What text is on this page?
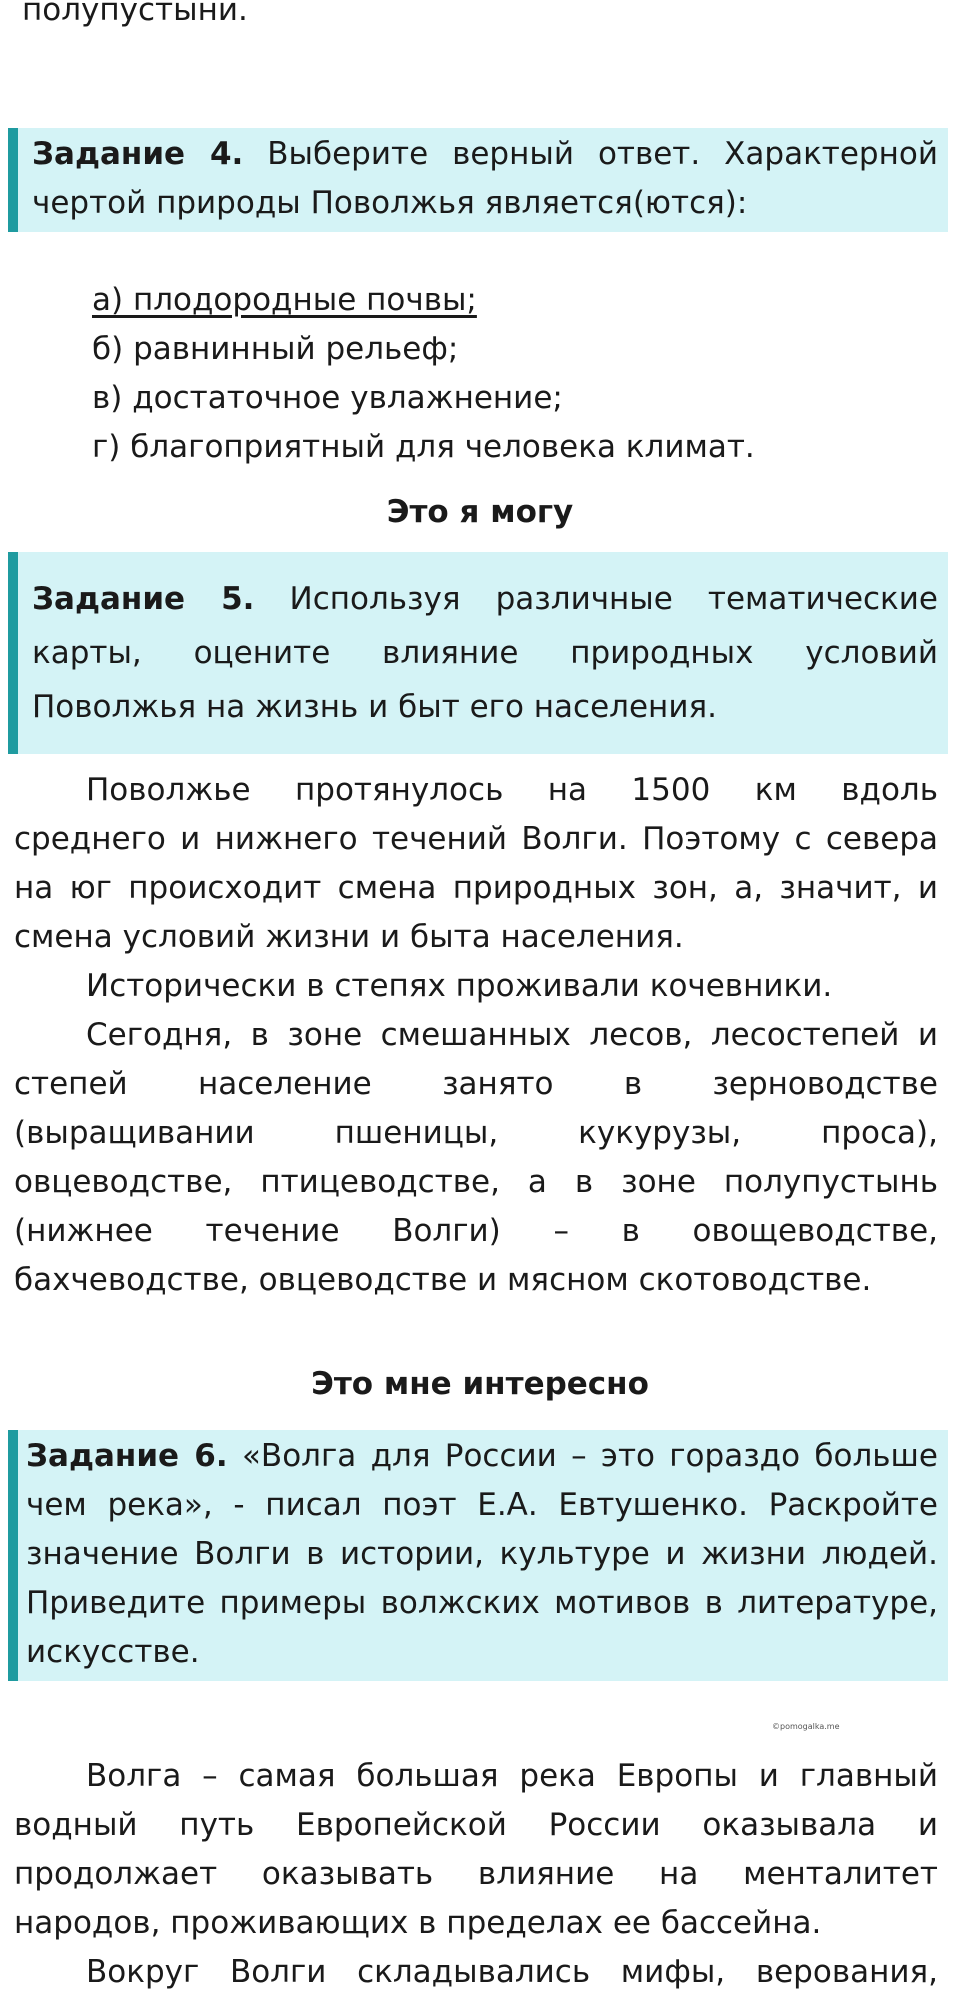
полупустыни.

Задание 4. Выберите верный ответ. Характерной
чертой природы Поволжья является(ются):
а) плодородные почвы;
б) равнинный рельеф;
в) достаточное увлажнение;
г) благоприятный для человека климат.

Это я могу

Задание 5. Используя различные тематические
карты, оцените влияние природных условий
Поволжья на жизнь и быт его населения.
Поволжье протянулось на 1500 км вдоль
среднего и нижнего течений Волги. Поэтому с севера
на юг происходит смена природных зон, а, значит, и
смена условий жизни и быта населения.
Исторически в степях проживали кочевники.
Сегодня, в зоне смешанных лесов, лесостепей и
степей население занято в зерноводстве
(выращивании пшеницы, кукурузы, проса),
овцеводстве, птицеводстве, а в зоне полупустынь
(нижнее течение Волги) – в овощеводстве,
бахчеводстве, овцеводстве и мясном скотоводстве.

Это мне интересно

Задание 6. «Волга для России – это гораздо больше
чем река», - писал поэт Е.А. Евтушенко. Раскройте
значение Волги в истории, культуре и жизни людей.
Приведите примеры волжских мотивов в литературе,
искусстве.
©pomogalka.me
Волга – самая большая река Европы и главный
водный путь Европейской России оказывала и
продолжает оказывать влияние на менталитет
народов, проживающих в пределах ее бассейна.
Вокруг Волги складывались мифы, верования,
